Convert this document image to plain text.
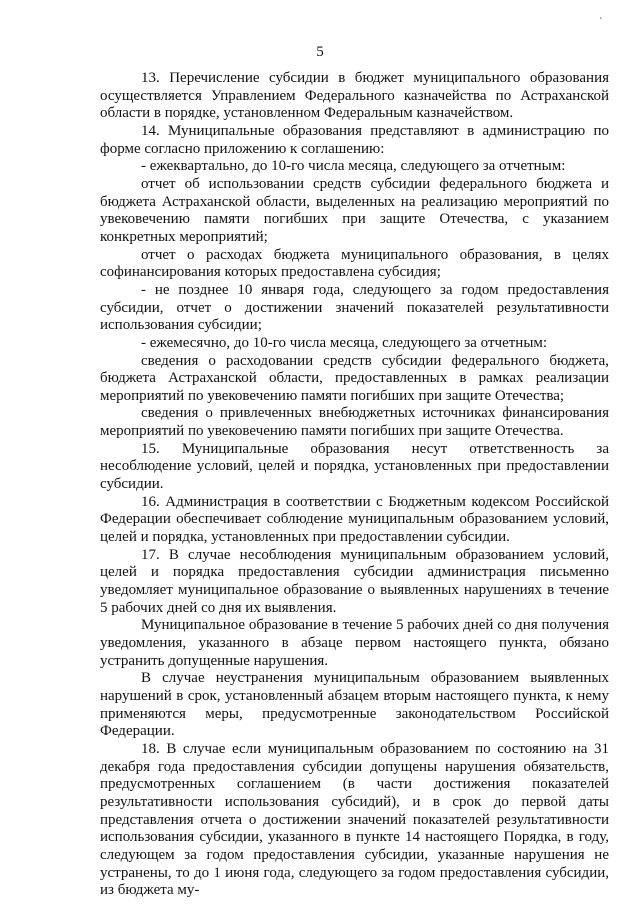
'
5

13. Перечисление субсидии в бюджет муниципального образования осуществляется Управлением Федерального казначейства по Астраханской области в порядке, установленном Федеральным казначейством.

14. Муниципальные образования представляют в администрацию по форме согласно приложению к соглашению:

- ежеквартально, до 10-го числа месяца, следующего за отчетным:

отчет об использовании средств субсидии федерального бюджета и бюджета Астраханской области, выделенных на реализацию мероприятий по увековечению памяти погибших при защите Отечества, с указанием конкретных мероприятий;

отчет о расходах бюджета муниципального образования, в целях софинансирования которых предоставлена субсидия;

- не позднее 10 января года, следующего за годом предоставления субсидии, отчет о достижении значений показателей результативности использования субсидии;

- ежемесячно, до 10-го числа месяца, следующего за отчетным:

сведения о расходовании средств субсидии федерального бюджета, бюджета Астраханской области, предоставленных в рамках реализации мероприятий по увековечению памяти погибших при защите Отечества;

сведения о привлеченных внебюджетных источниках финансирования мероприятий по увековечению памяти погибших при защите Отечества.

15. Муниципальные образования несут ответственность за несоблюдение условий, целей и порядка, установленных при предоставлении субсидии.

16. Администрация в соответствии с Бюджетным кодексом Российской Федерации обеспечивает соблюдение муниципальным образованием условий, целей и порядка, установленных при предоставлении субсидии.

17. В случае несоблюдения муниципальным образованием условий, целей и порядка предоставления субсидии администрация письменно уведомляет муниципальное образование о выявленных нарушениях в течение 5 рабочих дней со дня их выявления.

Муниципальное образование в течение 5 рабочих дней со дня получения уведомления, указанного в абзаце первом настоящего пункта, обязано устранить допущенные нарушения.

В случае неустранения муниципальным образованием выявленных нарушений в срок, установленный абзацем вторым настоящего пункта, к нему применяются меры, предусмотренные законодательством Российской Федерации.

18. В случае если муниципальным образованием по состоянию на 31 декабря года предоставления субсидии допущены нарушения обязательств, предусмотренных соглашением (в части достижения показателей результативности использования субсидий), и в срок до первой даты представления отчета о достижении значений показателей результативности использования субсидии, указанного в пункте 14 настоящего Порядка, в году, следующем за годом предоставления субсидии, указанные нарушения не устранены, то до 1 июня года, следующего за годом предоставления субсидии, из бюджета му-
